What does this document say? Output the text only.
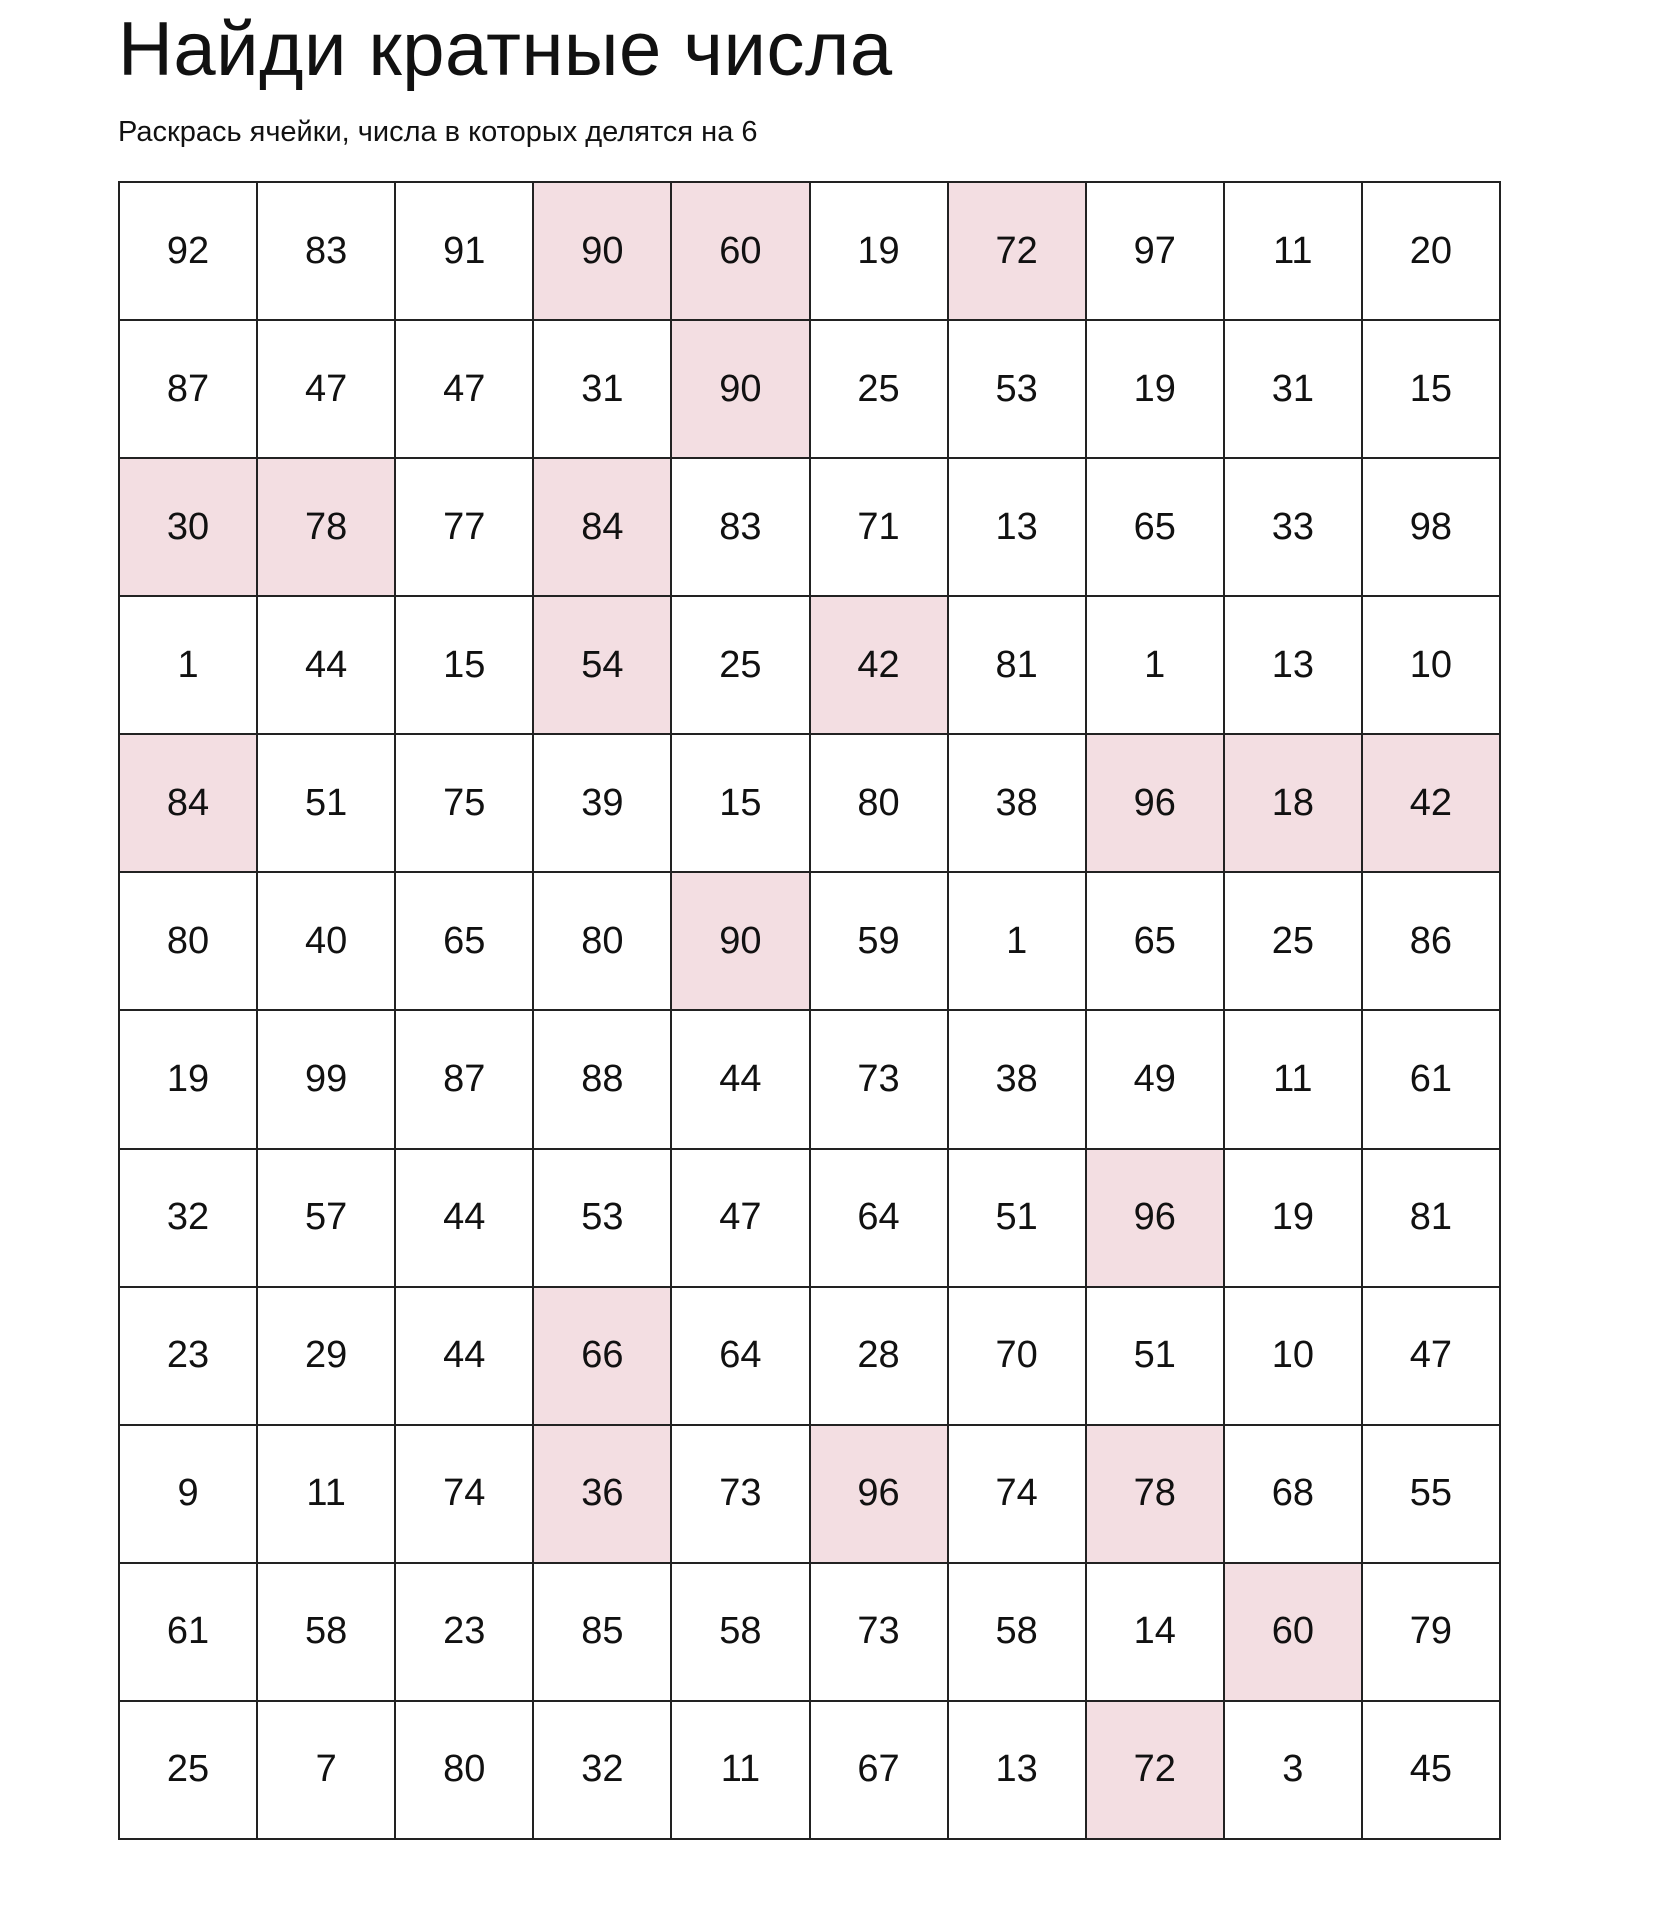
Найди кратные числа
Раскрась ячейки, числа в которых делятся на 6
92	83	91	90	60	19	72	97	11	20
87	47	47	31	90	25	53	19	31	15
30	78	77	84	83	71	13	65	33	98
1	44	15	54	25	42	81	1	13	10
84	51	75	39	15	80	38	96	18	42
80	40	65	80	90	59	1	65	25	86
19	99	87	88	44	73	38	49	11	61
32	57	44	53	47	64	51	96	19	81
23	29	44	66	64	28	70	51	10	47
9	11	74	36	73	96	74	78	68	55
61	58	23	85	58	73	58	14	60	79
25	7	80	32	11	67	13	72	3	45
